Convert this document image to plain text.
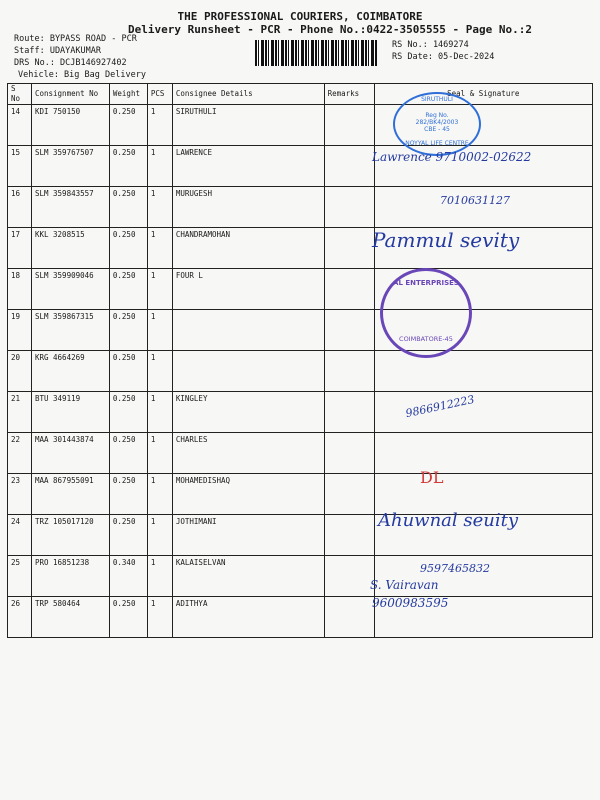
THE PROFESSIONAL COURIERS, COIMBATORE
Delivery Runsheet - PCR - Phone No.:0422-3505555 - Page No.:2
Route: BYPASS ROAD - PCR
Staff: UDAYAKUMAR
DRS No.: DCJB146927402
Vehicle: Big Bag Delivery
RS No.: 1469274
RS Date: 05-Dec-2024
S No	Consignment No	Weight	PCS	Consignee Details	Remarks	Seal & Signature
14	KDI 750150	0.250	1	SIRUTHULI		
15	SLM 359767507	0.250	1	LAWRENCE		
16	SLM 359843557	0.250	1	MURUGESH		
17	KKL 3208515	0.250	1	CHANDRAMOHAN		
18	SLM 359909046	0.250	1	FOUR L		
19	SLM 359867315	0.250	1			
20	KRG 4664269	0.250	1			
21	BTU 349119	0.250	1	KINGLEY		
22	MAA 301443874	0.250	1	CHARLES		
23	MAA 867955091	0.250	1	MOHAMEDISHAQ		
24	TRZ 105017120	0.250	1	JOTHIMANI		
25	PRO 16851238	0.340	1	KALAISELVAN		
26	TRP 580464	0.250	1	ADITHYA		
SIRUTHULI
Reg No. 282/BK4/2003 CBE - 45
NOYYAL LIFE CENTRE
AL ENTERPRISES
COIMBATORE-45
Lawrence 9710002-02622
7010631127
Pammul sevity
9866912223
DL
Ahuwnal seuity
9597465832
S. Vairavan
9600983595
